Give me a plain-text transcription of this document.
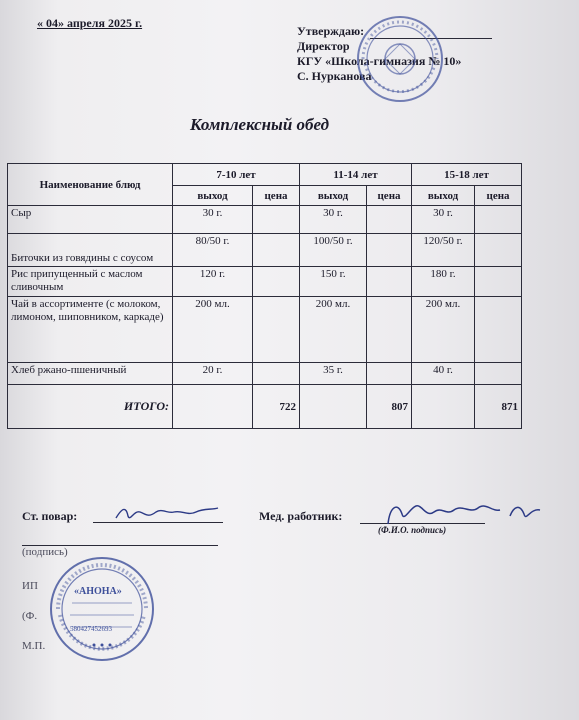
« 04» апреля 2025 г.
Утверждаю:
Директор
КГУ «Школа-гимназия № 10»
С. Нурканова
Комплексный обед
Наименование блюд	7-10 лет		11-14 лет		15-18 лет	
	выход	цена	выход	цена	выход	цена
Сыр	30 г.		30 г.		30 г.	
Биточки из говядины с соусом	80/50 г.		100/50 г.		120/50 г.	
Рис припущенный с маслом сливочным	120 г.		150 г.		180 г.	
Чай в ассортименте (с молоком, лимоном, шиповником, каркаде)	200 мл.		200 мл.		200 мл.	
Хлеб ржано-пшеничный	20 г.		35 г.		40 г.	
ИТОГО:		722		807		871
Ст. повар:	Мед. работник:
(Ф.И.О. подпись)
(подпись)
ИП
(Ф.
М.П.
«АНОНА»
580427452693
